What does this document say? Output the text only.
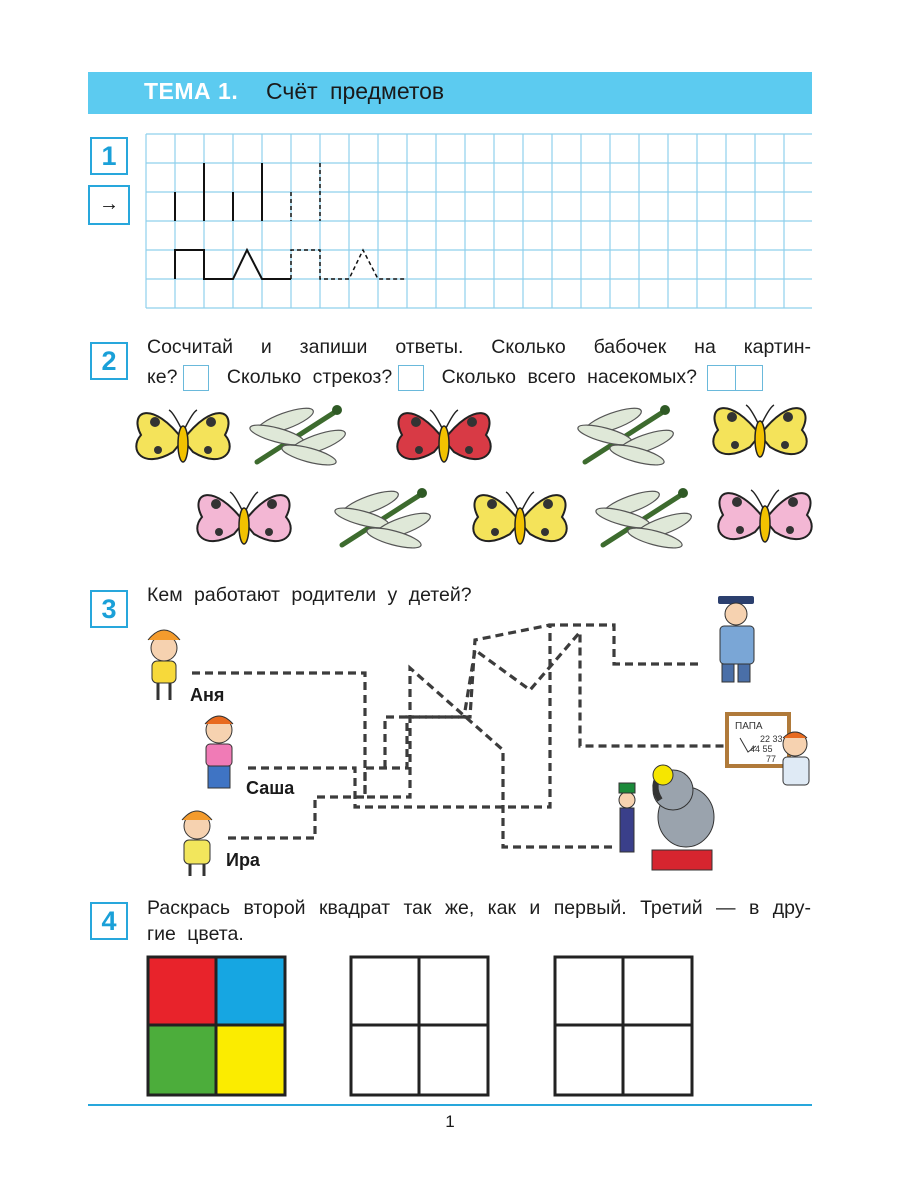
ТЕМА 1. Счёт предметов
1
→
2	Сосчитай и запиши ответы. Сколько бабочек на картин-
ке?	Сколько стрекоз?	Сколько всего насекомых?
3	Кем работают родители у детей?
ПАПА
22 33
44 55
77
Аня
Саша
Ира
4	Раскрась второй квадрат так же, как и первый. Третий — в дру-
гие цвета.
1
